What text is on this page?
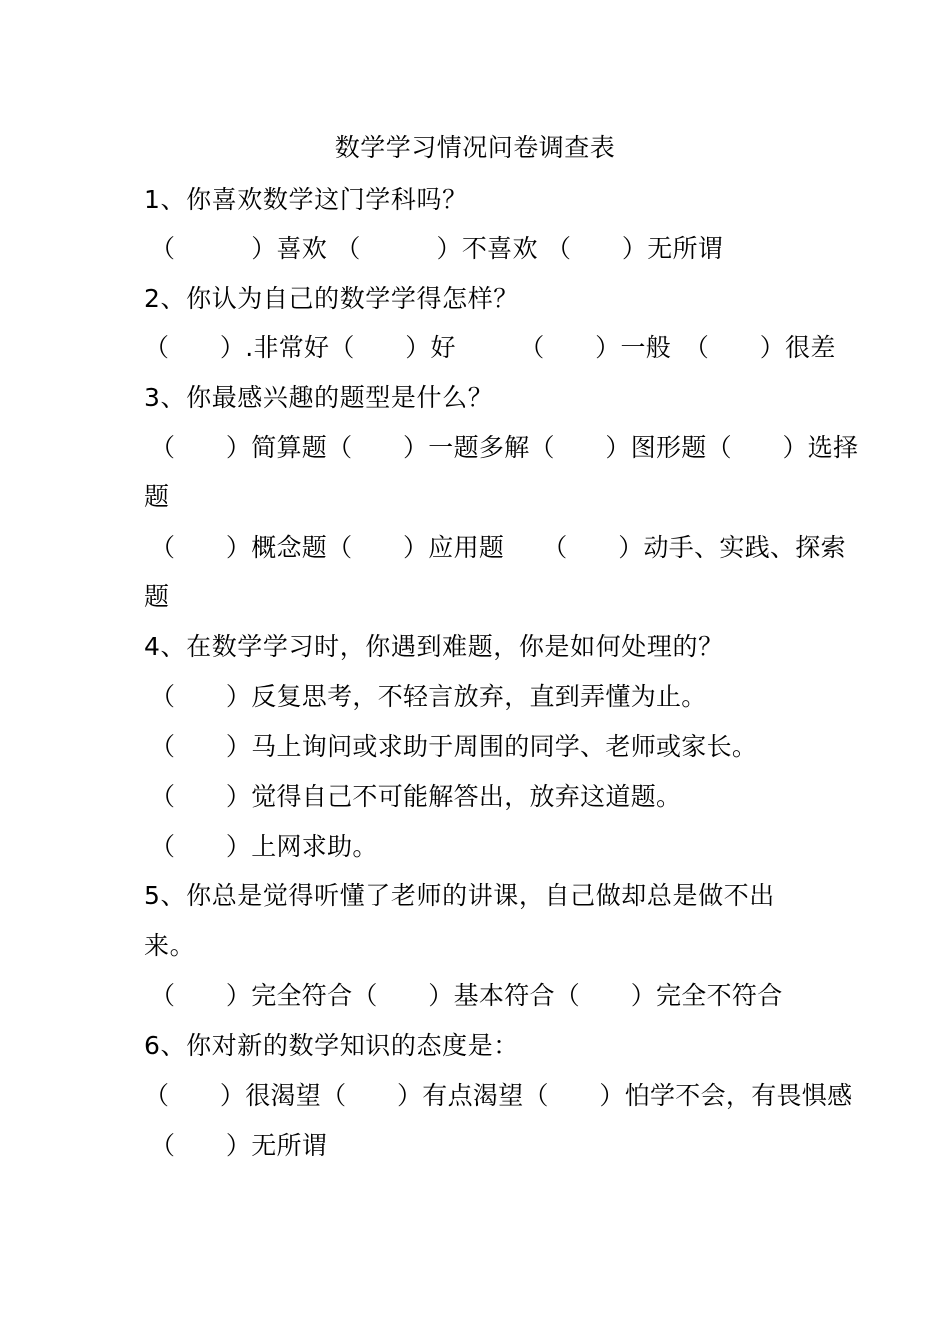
数学学习情况问卷调查表
1、你喜欢数学这门学科吗？
（　　　）喜欢 （　　　）不喜欢 （　　）无所谓
2、你认为自己的数学学得怎样？
（　　）.非常好（　　）好　　　（　　）一般　（　　）很差
3、你最感兴趣的题型是什么？
（　　）简算题（　　）一题多解（　　）图形题（　　）选择
题
（　　）概念题（　　）应用题　　（　　）动手、实践、探索
题
4、在数学学习时，你遇到难题，你是如何处理的？
（　　）反复思考，不轻言放弃，直到弄懂为止。
（　　）马上询问或求助于周围的同学、老师或家长。
（　　）觉得自己不可能解答出，放弃这道题。
（　　）上网求助。
5、你总是觉得听懂了老师的讲课，自己做却总是做不出
来。
（　　）完全符合（　　）基本符合（　　）完全不符合
6、你对新的数学知识的态度是：
（　　）很渴望（　　）有点渴望（　　）怕学不会，有畏惧感
（　　）无所谓
